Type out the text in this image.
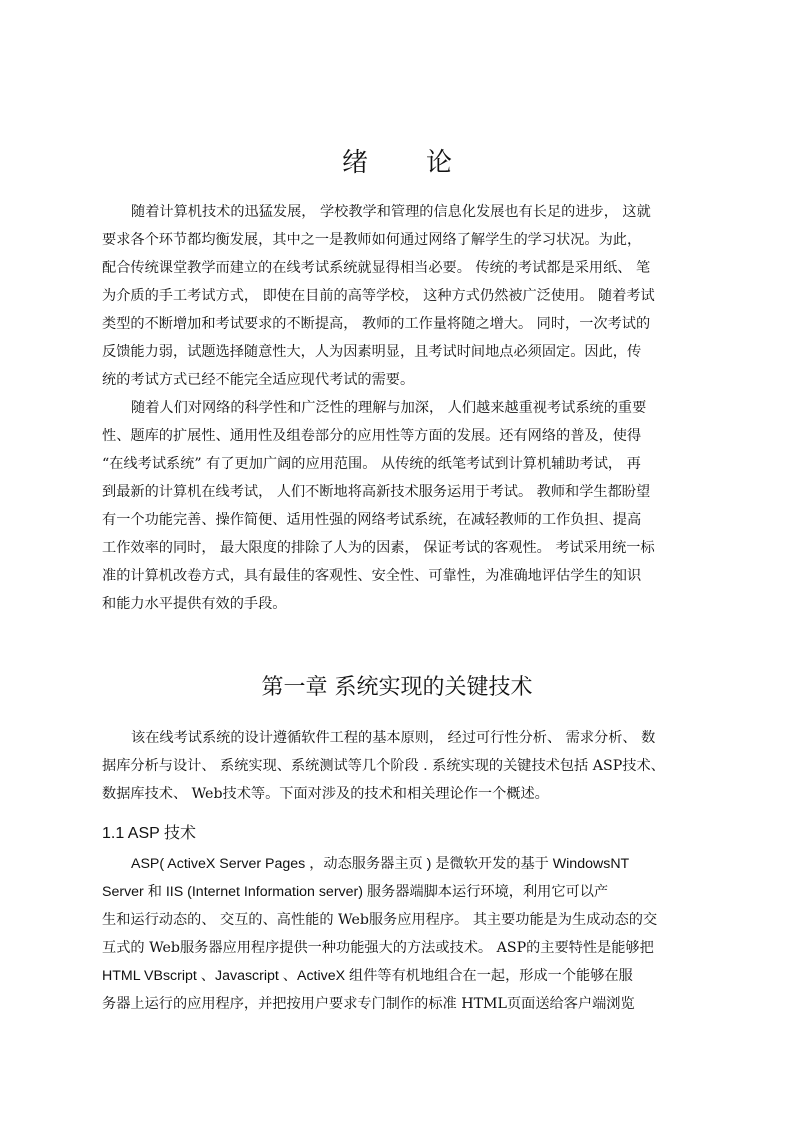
绪 论
随着计算机技术的迅猛发展， 学校教学和管理的信息化发展也有长足的进步， 这就
要求各个环节都均衡发展，其中之一是教师如何通过网络了解学生的学习状况。为此，
配合传统课堂教学而建立的在线考试系统就显得相当必要。 传统的考试都是采用纸、 笔
为介质的手工考试方式， 即使在目前的高等学校， 这种方式仍然被广泛使用。 随着考试
类型的不断增加和考试要求的不断提高， 教师的工作量将随之增大。 同时，一次考试的
反馈能力弱，试题选择随意性大，人为因素明显，且考试时间地点必须固定。因此，传
统的考试方式已经不能完全适应现代考试的需要。
随着人们对网络的科学性和广泛性的理解与加深， 人们越来越重视考试系统的重要
性、题库的扩展性、通用性及组卷部分的应用性等方面的发展。还有网络的普及，使得
“在线考试系统” 有了更加广阔的应用范围。 从传统的纸笔考试到计算机辅助考试， 再
到最新的计算机在线考试， 人们不断地将高新技术服务运用于考试。 教师和学生都盼望
有一个功能完善、操作简便、适用性强的网络考试系统，在减轻教师的工作负担、提高
工作效率的同时， 最大限度的排除了人为的因素， 保证考试的客观性。 考试采用统一标
准的计算机改卷方式，具有最佳的客观性、安全性、可靠性，为准确地评估学生的知识
和能力水平提供有效的手段。
第一章 系统实现的关键技术
该在线考试系统的设计遵循软件工程的基本原则， 经过可行性分析、 需求分析、 数
据库分析与设计、 系统实现、系统测试等几个阶段 . 系统实现的关键技术包括 ASP技术、
数据库技术、 Web技术等。下面对涉及的技术和相关理论作一个概述。
1.1 ASP 技术
ASP( ActiveX Server Pages ，动态服务器主页 ) 是微软开发的基于 WindowsNT
Server 和 IIS (Internet Information server) 服务器端脚本运行环境，利用它可以产
生和运行动态的、 交互的、高性能的 Web服务应用程序。 其主要功能是为生成动态的交
互式的 Web服务器应用程序提供一种功能强大的方法或技术。 ASP的主要特性是能够把
HTML VBscript 、Javascript 、ActiveX 组件等有机地组合在一起，形成一个能够在服
务器上运行的应用程序，并把按用户要求专门制作的标准 HTML页面送给客户端浏览
